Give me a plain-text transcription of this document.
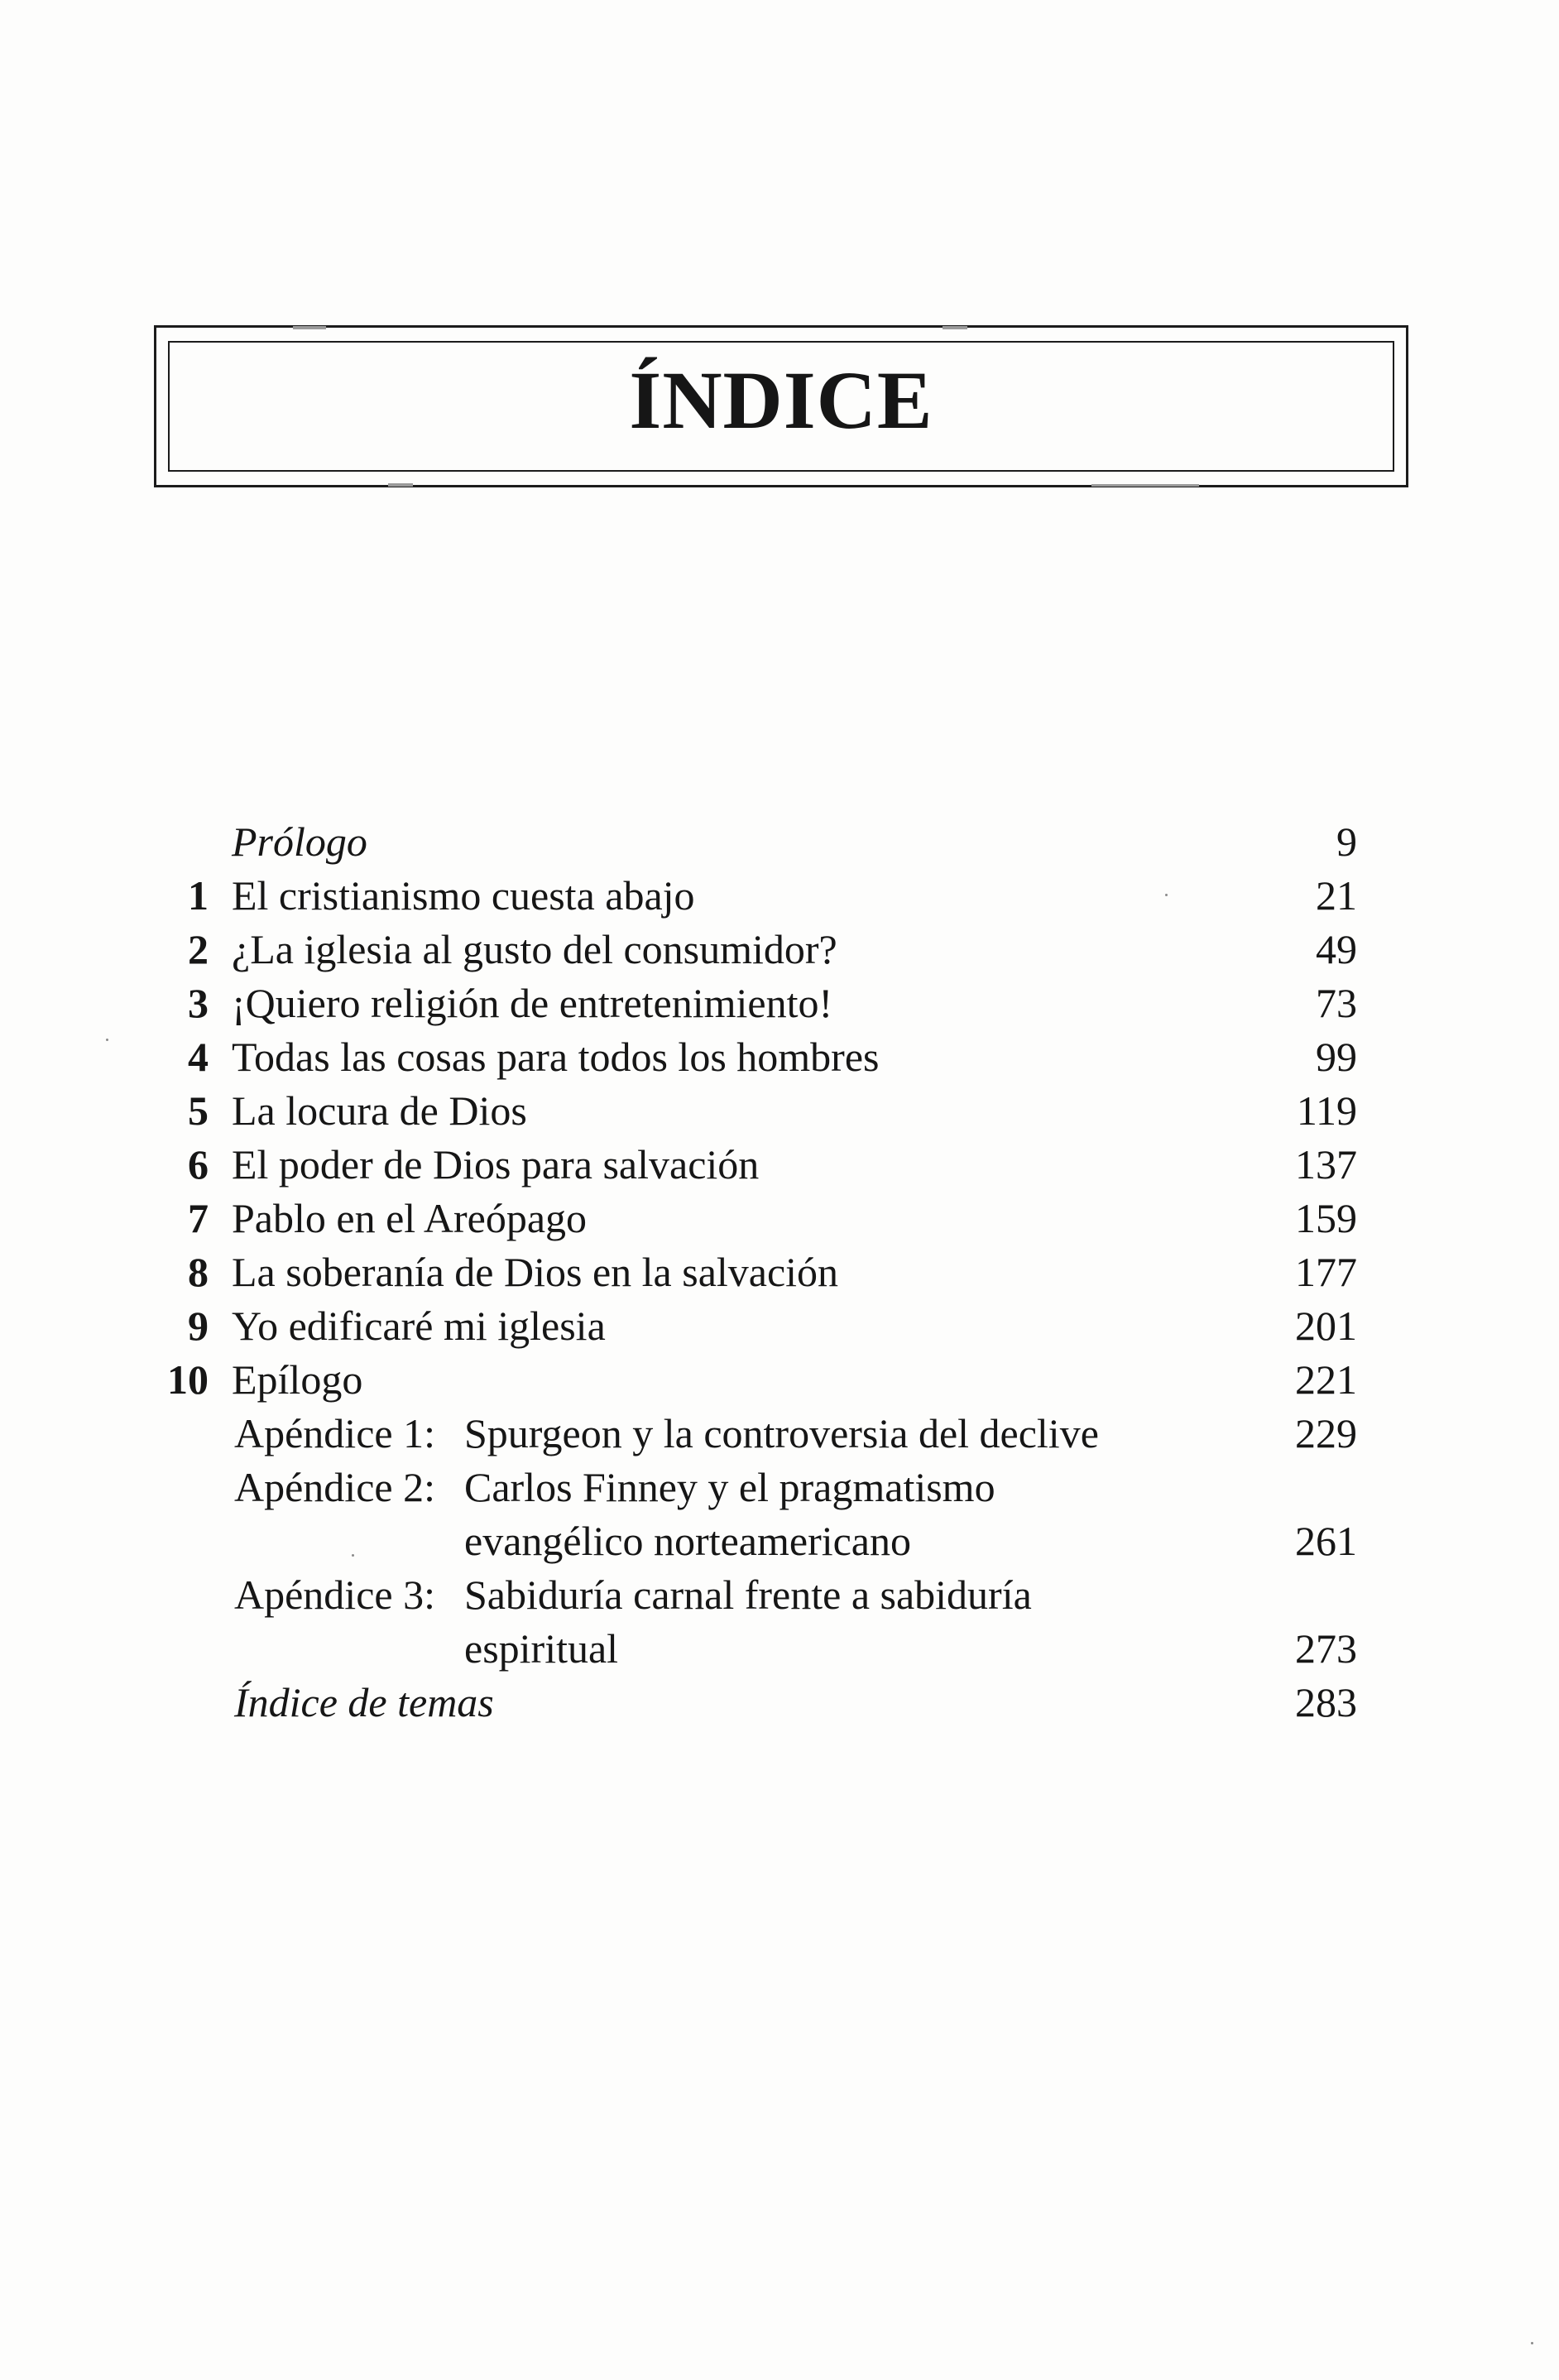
ÍNDICE
Prólogo	9
1 El cristianismo cuesta abajo	21
2 ¿La iglesia al gusto del consumidor?	49
3 ¡Quiero religión de entretenimiento!	73
4 Todas las cosas para todos los hombres	99
5 La locura de Dios	119
6 El poder de Dios para salvación	137
7 Pablo en el Areópago	159
8 La soberanía de Dios en la salvación	177
9 Yo edificaré mi iglesia	201
10 Epílogo	221
Apéndice 1: Spurgeon y la controversia del declive	229
Apéndice 2: Carlos Finney y el pragmatismo
evangélico norteamericano	261
Apéndice 3: Sabiduría carnal frente a sabiduría
espiritual	273
Índice de temas	283
